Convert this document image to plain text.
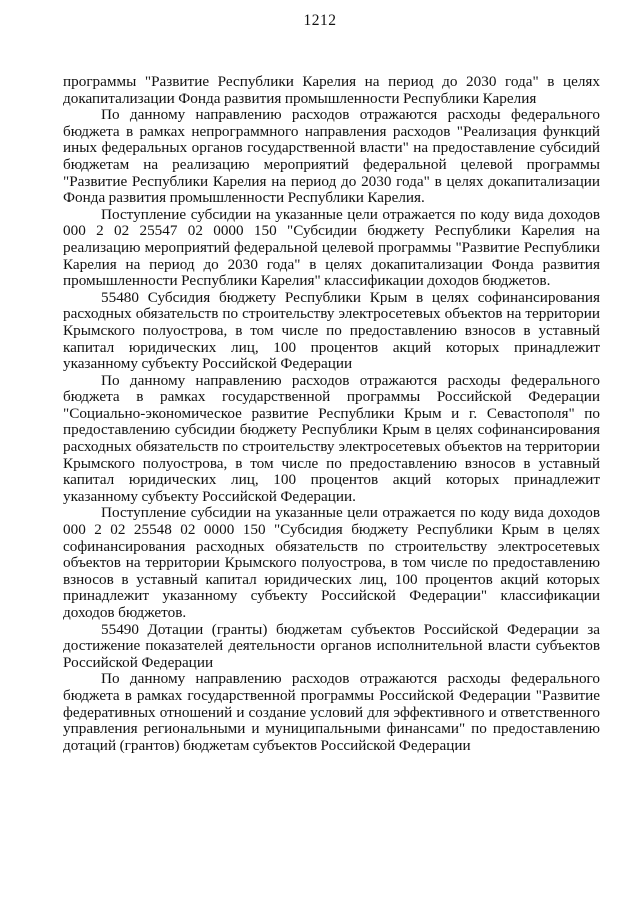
1212

программы "Развитие Республики Карелия на период до 2030 года" в целях докапитализации Фонда развития промышленности Республики Карелия

По данному направлению расходов отражаются расходы федерального бюджета в рамках непрограммного направления расходов "Реализация функций иных федеральных органов государственной власти" на предоставление субсидий бюджетам на реализацию мероприятий федеральной целевой программы "Развитие Республики Карелия на период до 2030 года" в целях докапитализации Фонда развития промышленности Республики Карелия.

Поступление субсидии на указанные цели отражается по коду вида доходов 000 2 02 25547 02 0000 150 "Субсидии бюджету Республики Карелия на реализацию мероприятий федеральной целевой программы "Развитие Республики Карелия на период до 2030 года" в целях докапитализации Фонда развития промышленности Республики Карелия" классификации доходов бюджетов.

55480 Субсидия бюджету Республики Крым в целях софинансирования расходных обязательств по строительству электросетевых объектов на территории Крымского полуострова, в том числе по предоставлению взносов в уставный капитал юридических лиц, 100 процентов акций которых принадлежит указанному субъекту Российской Федерации

По данному направлению расходов отражаются расходы федерального бюджета в рамках государственной программы Российской Федерации "Социально-экономическое развитие Республики Крым и г. Севастополя" по предоставлению субсидии бюджету Республики Крым в целях софинансирования расходных обязательств по строительству электросетевых объектов на территории Крымского полуострова, в том числе по предоставлению взносов в уставный капитал юридических лиц, 100 процентов акций которых принадлежит указанному субъекту Российской Федерации.

Поступление субсидии на указанные цели отражается по коду вида доходов 000 2 02 25548 02 0000 150 "Субсидия бюджету Республики Крым в целях софинансирования расходных обязательств по строительству электросетевых объектов на территории Крымского полуострова, в том числе по предоставлению взносов в уставный капитал юридических лиц, 100 процентов акций которых принадлежит указанному субъекту Российской Федерации" классификации доходов бюджетов.

55490 Дотации (гранты) бюджетам субъектов Российской Федерации за достижение показателей деятельности органов исполнительной власти субъектов Российской Федерации

По данному направлению расходов отражаются расходы федерального бюджета в рамках государственной программы Российской Федерации "Развитие федеративных отношений и создание условий для эффективного и ответственного управления региональными и муниципальными финансами" по предоставлению дотаций (грантов) бюджетам субъектов Российской Федерации
